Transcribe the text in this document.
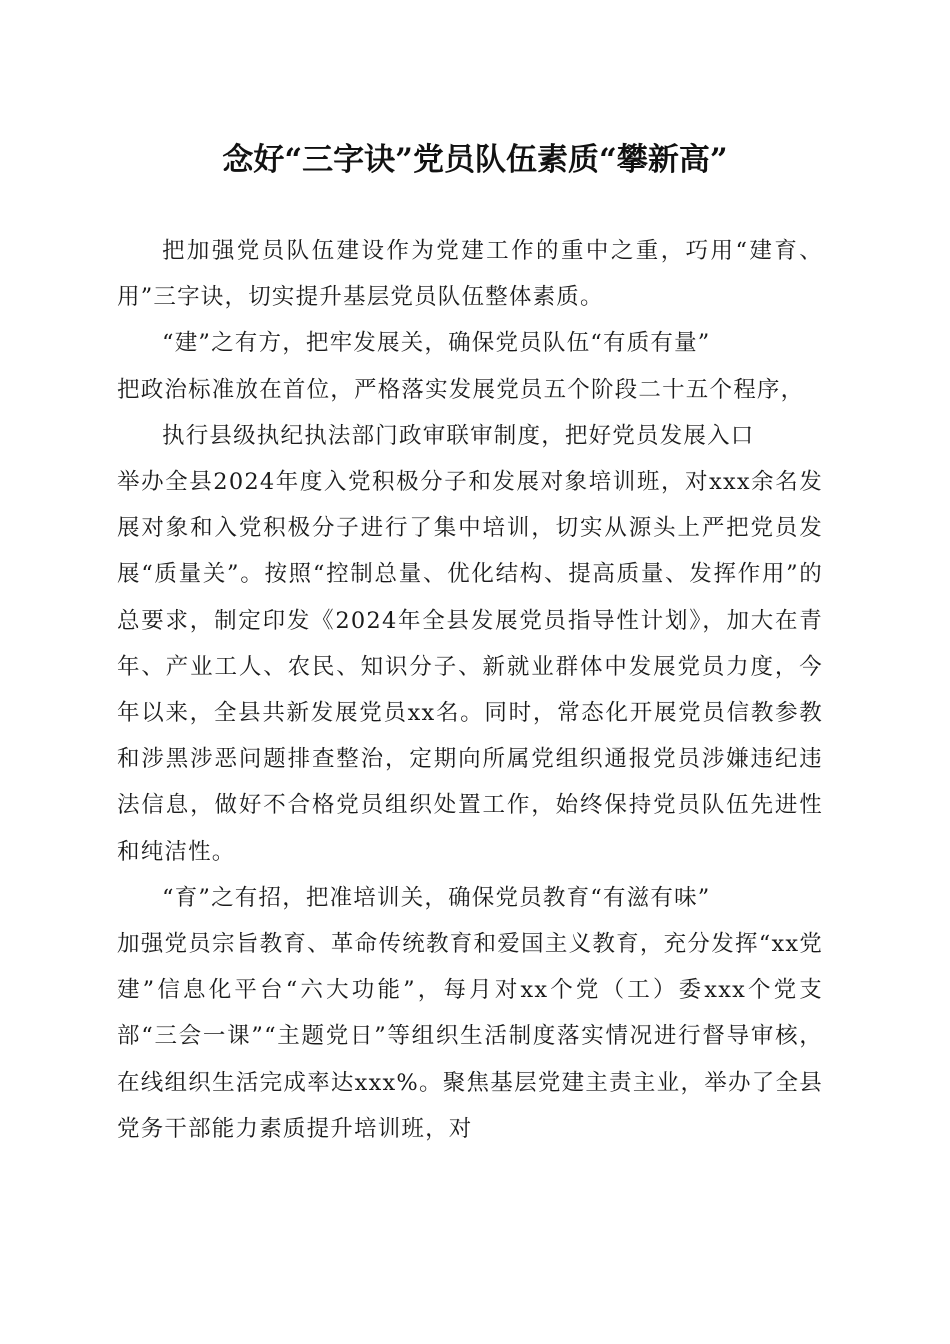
念好“三字诀”党员队伍素质“攀新高”

把加强党员队伍建设作为党建工作的重中之重，巧用“建育、用”三字诀，切实提升基层党员队伍整体素质。

“建”之有方，把牢发展关，确保党员队伍“有质有量”

把政治标准放在首位，严格落实发展党员五个阶段二十五个程序，

执行县级执纪执法部门政审联审制度，把好党员发展入口

举办全县2024年度入党积极分子和发展对象培训班，对xxx余名发展对象和入党积极分子进行了集中培训，切实从源头上严把党员发展“质量关”。按照“控制总量、优化结构、提高质量、发挥作用”的总要求，制定印发《2024年全县发展党员指导性计划》，加大在青年、产业工人、农民、知识分子、新就业群体中发展党员力度，今年以来，全县共新发展党员xx名。同时，常态化开展党员信教参教和涉黑涉恶问题排查整治，定期向所属党组织通报党员涉嫌违纪违法信息，做好不合格党员组织处置工作，始终保持党员队伍先进性和纯洁性。

“育”之有招，把准培训关，确保党员教育“有滋有味”

加强党员宗旨教育、革命传统教育和爱国主义教育，充分发挥“xx党建”信息化平台“六大功能”，每月对xx个党（工）委xxx个党支部“三会一课”“主题党日”等组织生活制度落实情况进行督导审核，在线组织生活完成率达xxx%。聚焦基层党建主责主业，举办了全县党务干部能力素质提升培训班，对
